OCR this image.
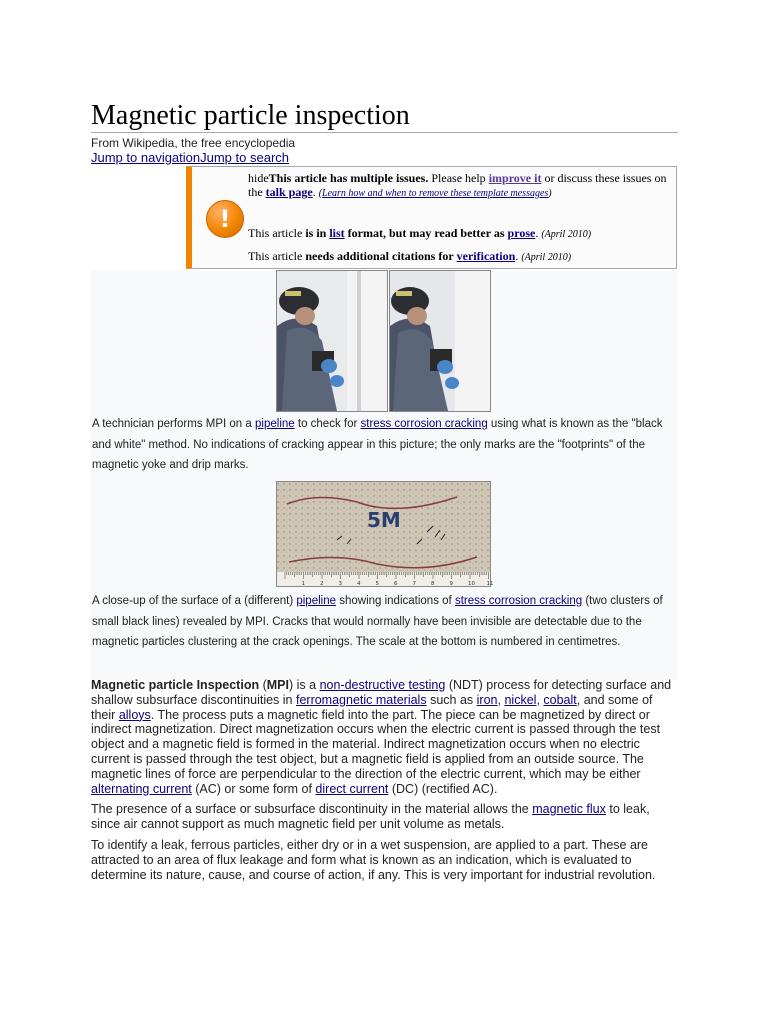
Magnetic particle inspection
From Wikipedia, the free encyclopedia
Jump to navigationJump to search
!
hideThis article has multiple issues. Please help improve it or discuss these issues on the talk page. (Learn how and when to remove these template messages)
This article is in list format, but may read better as prose. (April 2010)
This article needs additional citations for verification. (April 2010)
A technician performs MPI on a pipeline to check for stress corrosion cracking using what is known as the "black and white" method. No indications of cracking appear in this picture; the only marks are the "footprints" of the magnetic yoke and drip marks.
5M
1	2	3	4	5	6	7	8	9	10 11
A close-up of the surface of a (different) pipeline showing indications of stress corrosion cracking (two clusters of small black lines) revealed by MPI. Cracks that would normally have been invisible are detectable due to the magnetic particles clustering at the crack openings. The scale at the bottom is numbered in centimetres.

Magnetic particle Inspection (MPI) is a non-destructive testing (NDT) process for detecting surface and shallow subsurface discontinuities in ferromagnetic materials such as iron, nickel, cobalt, and some of their alloys. The process puts a magnetic field into the part. The piece can be magnetized by direct or indirect magnetization. Direct magnetization occurs when the electric current is passed through the test object and a magnetic field is formed in the material. Indirect magnetization occurs when no electric current is passed through the test object, but a magnetic field is applied from an outside source. The magnetic lines of force are perpendicular to the direction of the electric current, which may be either alternating current (AC) or some form of direct current (DC) (rectified AC).

The presence of a surface or subsurface discontinuity in the material allows the magnetic flux to leak, since air cannot support as much magnetic field per unit volume as metals.

To identify a leak, ferrous particles, either dry or in a wet suspension, are applied to a part. These are attracted to an area of flux leakage and form what is known as an indication, which is evaluated to determine its nature, cause, and course of action, if any. This is very important for industrial revolution.
